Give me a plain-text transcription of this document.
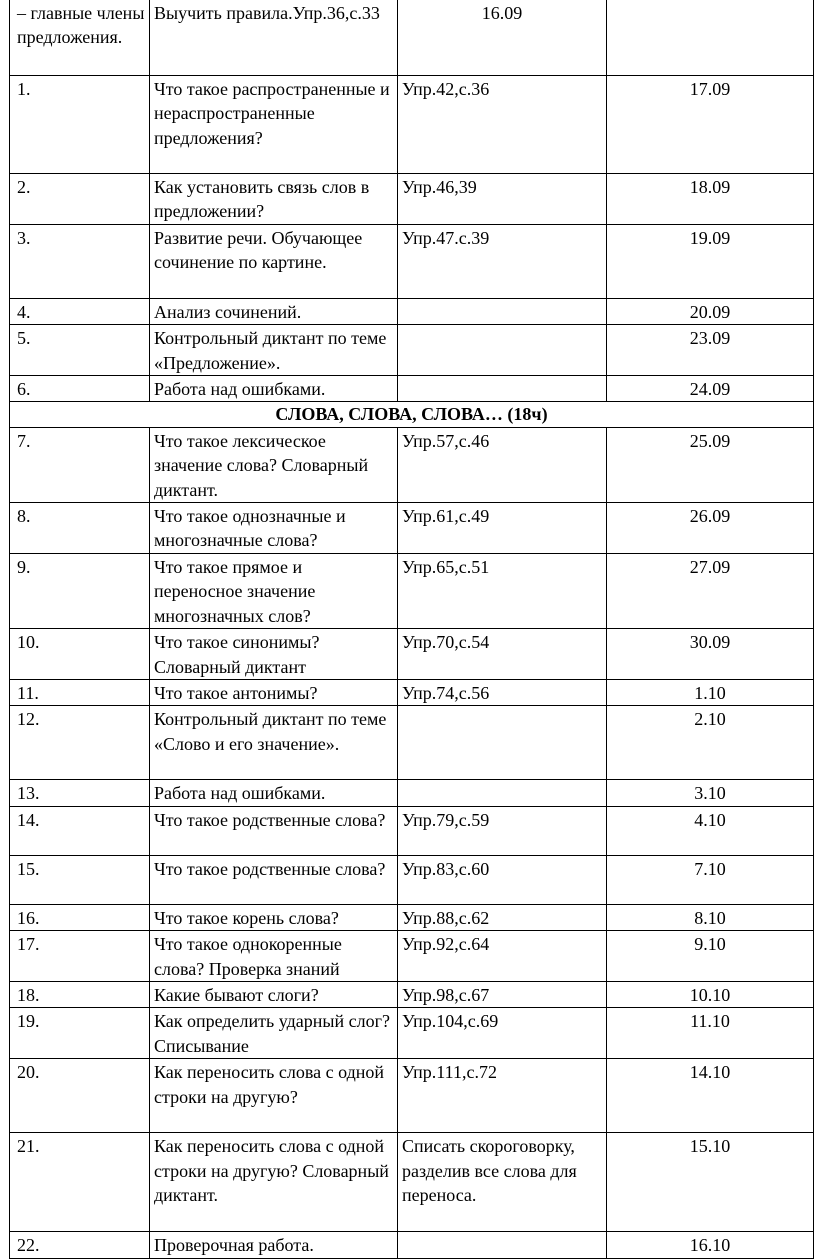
– главные члены предложения.	Выучить правила.Упр.36,с.33	16.09	
1.	Что такое распространенные и нераспространенные предложения?	Упр.42,с.36	17.09
2.	Как установить связь слов в предложении?	Упр.46,39	18.09
3.	Развитие речи. Обучающее сочинение по картине.	Упр.47.с.39	19.09
4.	Анализ сочинений.		20.09
5.	Контрольный диктант по теме «Предложение».		23.09
6.	Работа над ошибками.		24.09
СЛОВА, СЛОВА, СЛОВА… (18ч)			
7.	Что такое лексическое значение слова? Словарный диктант.	Упр.57,с.46	25.09
8.	Что такое однозначные и многозначные слова?	Упр.61,с.49	26.09
9.	Что такое прямое и переносное значение многозначных слов?	Упр.65,с.51	27.09
10.	Что такое синонимы? Словарный диктант	Упр.70,с.54	30.09
11.	Что такое антонимы?	Упр.74,с.56	1.10
12.	Контрольный диктант по теме «Слово и его значение».		2.10
13.	Работа над ошибками.		3.10
14.	Что такое родственные слова?	Упр.79,с.59	4.10
15.	Что такое родственные слова?	Упр.83,с.60	7.10
16.	Что такое корень слова?	Упр.88,с.62	8.10
17.	Что такое однокоренные слова? Проверка знаний	Упр.92,с.64	9.10
18.	Какие бывают слоги?	Упр.98,с.67	10.10
19.	Как определить ударный слог? Списывание	Упр.104,с.69	11.10
20.	Как переносить слова с одной строки на другую?	Упр.111,с.72	14.10
21.	Как переносить слова с одной строки на другую? Словарный диктант.	Списать скороговорку, разделив все слова для переноса.	15.10
22.	Проверочная работа.		16.10
